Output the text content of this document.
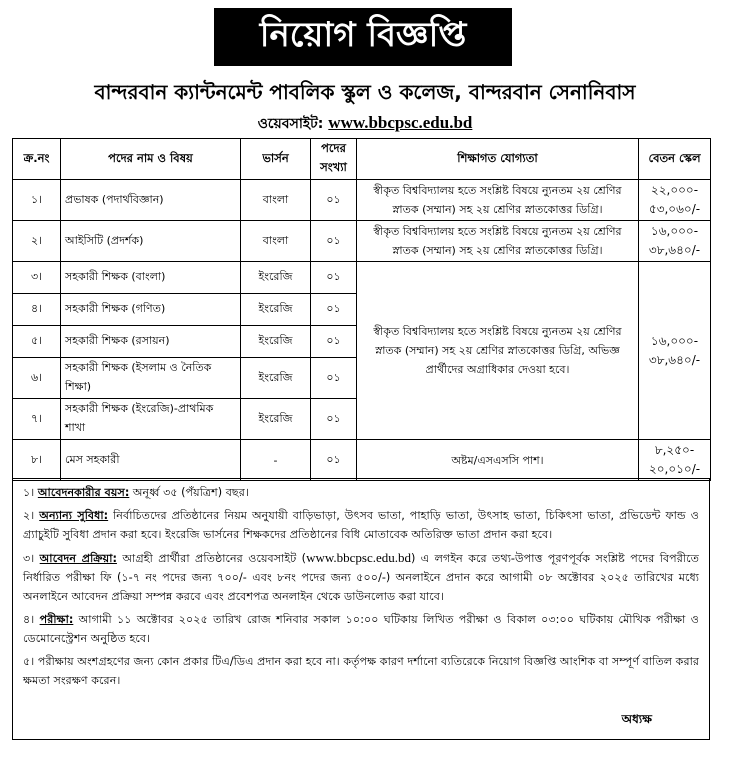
নিয়োগ বিজ্ঞপ্তি
বান্দরবান ক্যান্টনমেন্ট পাবলিক স্কুল ও কলেজ, বান্দরবান সেনানিবাস
ওয়েবসাইট: www.bbcpsc.edu.bd
ক্র.নং	পদের নাম ও বিষয়	ভার্সন	পদের সংখ্যা	শিক্ষাগত যোগ্যতা	বেতন স্কেল
১।	প্রভাষক (পদার্থবিজ্ঞান)	বাংলা	০১	স্বীকৃত বিশ্ববিদ্যালয় হতে সংশ্লিষ্ট বিষয়ে ন্যুনতম ২য় শ্রেণির স্নাতক (সম্মান) সহ ২য় শ্রেণির স্নাতকোত্তর ডিগ্রি।	২২,০০০- ৫৩,০৬০/-
২।	আইসিটি (প্রদর্শক)	বাংলা	০১	স্বীকৃত বিশ্ববিদ্যালয় হতে সংশ্লিষ্ট বিষয়ে ন্যুনতম ২য় শ্রেণির স্নাতক (সম্মান) সহ ২য় শ্রেণির স্নাতকোত্তর ডিগ্রি।	১৬,০০০- ৩৮,৬৪০/-
৩।	সহকারী শিক্ষক (বাংলা)	ইংরেজি	০১	স্বীকৃত বিশ্ববিদ্যালয় হতে সংশ্লিষ্ট বিষয়ে ন্যুনতম ২য় শ্রেণির স্নাতক (সম্মান) সহ ২য় শ্রেণির স্নাতকোত্তর ডিগ্রি, অভিজ্ঞ প্রার্থীদের অগ্রাধিকার দেওয়া হবে।	১৬,০০০- ৩৮,৬৪০/-
৪।	সহকারী শিক্ষক (গণিত)	ইংরেজি	০১		
৫।	সহকারী শিক্ষক (রসায়ন)	ইংরেজি	০১		
৬।	সহকারী শিক্ষক (ইসলাম ও নৈতিক শিক্ষা)	ইংরেজি	০১		
৭।	সহকারী শিক্ষক (ইংরেজি)-প্রাথমিক শাখা	ইংরেজি	০১		
৮।	মেস সহকারী	-	০১	অষ্টম/এসএসসি পাশ।	৮,২৫০- ২০,০১০/-

১। আবেদনকারীর বয়স: অনূর্ধ্ব ৩৫ (পঁয়ত্রিশ) বছর।

২। অন্যান্য সুবিধা: নির্বাচিতদের প্রতিষ্ঠানের নিয়ম অনুযায়ী বাড়িভাড়া, উৎসব ভাতা, পাহাড়ি ভাতা, উৎসাহ ভাতা, চিকিৎসা ভাতা, প্রভিডেন্ট ফান্ড ও গ্র্যাচুইটি সুবিধা প্রদান করা হবে। ইংরেজি ভার্সনের শিক্ষকদের প্রতিষ্ঠানের বিধি মোতাবেক অতিরিক্ত ভাতা প্রদান করা হবে।

৩। আবেদন প্রক্রিয়া: আগ্রহী প্রার্থীরা প্রতিষ্ঠানের ওয়েবসাইট (www.bbcpsc.edu.bd) এ লগইন করে তথ্য-উপাত্ত পূরণপূর্বক সংশ্লিষ্ট পদের বিপরীতে নির্ধারিত পরীক্ষা ফি (১-৭ নং পদের জন্য ৭০০/- এবং ৮নং পদের জন্য ৫০০/-) অনলাইনে প্রদান করে আগামী ০৮ অক্টোবর ২০২৫ তারিখের মধ্যে অনলাইনে আবেদন প্রক্রিয়া সম্পন্ন করবে এবং প্রবেশপত্র অনলাইন থেকে ডাউনলোড করা যাবে।

৪। পরীক্ষা: আগামী ১১ অক্টোবর ২০২৫ তারিখ রোজ শনিবার সকাল ১০:০০ ঘটিকায় লিখিত পরীক্ষা ও বিকাল ০৩:০০ ঘটিকায় মৌখিক পরীক্ষা ও ডেমোনেস্ট্রেশন অনুষ্ঠিত হবে।

৫। পরীক্ষায় অংশগ্রহণের জন্য কোন প্রকার টিএ/ডিএ প্রদান করা হবে না। কর্তৃপক্ষ কারণ দর্শানো ব্যতিরেকে নিয়োগ বিজ্ঞপ্তি আংশিক বা সম্পূর্ণ বাতিল করার ক্ষমতা সংরক্ষণ করেন।

অধ্যক্ষ
